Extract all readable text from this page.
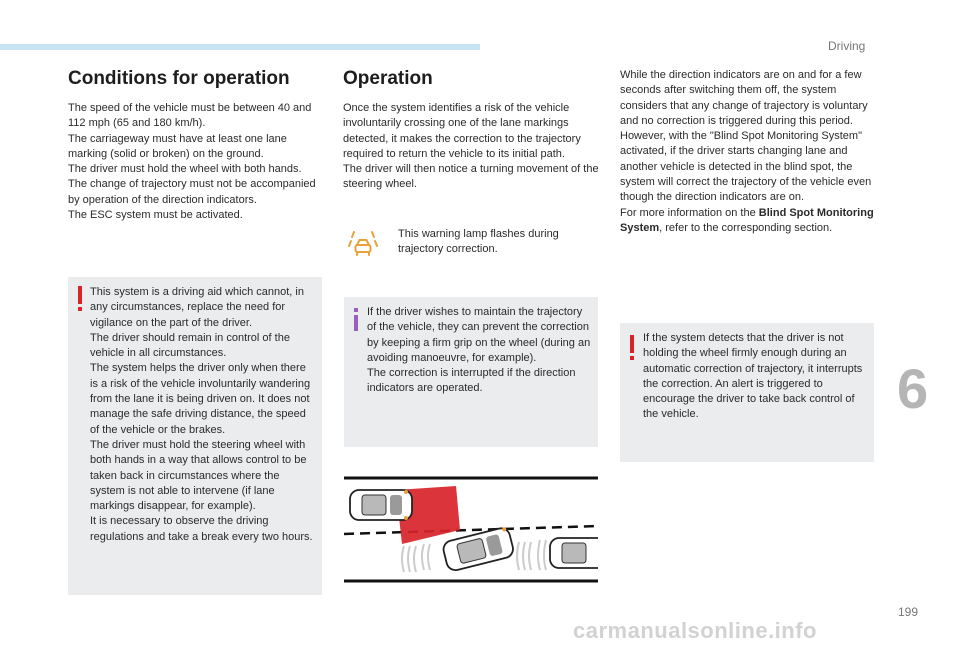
Driving
6
199
carmanualsonline.info
Conditions for operation

The speed of the vehicle must be between 40 and 112 mph (65 and 180 km/h).

The carriageway must have at least one lane marking (solid or broken) on the ground.

The driver must hold the wheel with both hands.

The change of trajectory must not be accompanied by operation of the direction indicators.

The ESC system must be activated.

This system is a driving aid which cannot, in any circumstances, replace the need for vigilance on the part of the driver.

The driver should remain in control of the vehicle in all circumstances.

The system helps the driver only when there is a risk of the vehicle involuntarily wandering from the lane it is being driven on. It does not manage the safe driving distance, the speed of the vehicle or the brakes.

The driver must hold the steering wheel with both hands in a way that allows control to be taken back in circumstances where the system is not able to intervene (if lane markings disappear, for example).

It is necessary to observe the driving regulations and take a break every two hours.

Operation

Once the system identifies a risk of the vehicle involuntarily crossing one of the lane markings detected, it makes the correction to the trajectory required to return the vehicle to its initial path.

The driver will then notice a turning movement of the steering wheel.

This warning lamp flashes during trajectory correction.

If the driver wishes to maintain the trajectory of the vehicle, they can prevent the correction by keeping a firm grip on the wheel (during an avoiding manoeuvre, for example).

The correction is interrupted if the direction indicators are operated.

While the direction indicators are on and for a few seconds after switching them off, the system considers that any change of trajectory is voluntary and no correction is triggered during this period.

However, with the "Blind Spot Monitoring System" activated, if the driver starts changing lane and another vehicle is detected in the blind spot, the system will correct the trajectory of the vehicle even though the direction indicators are on.

For more information on the Blind Spot Monitoring System, refer to the corresponding section.

If the system detects that the driver is not holding the wheel firmly enough during an automatic correction of trajectory, it interrupts the correction. An alert is triggered to encourage the driver to take back control of the vehicle.
